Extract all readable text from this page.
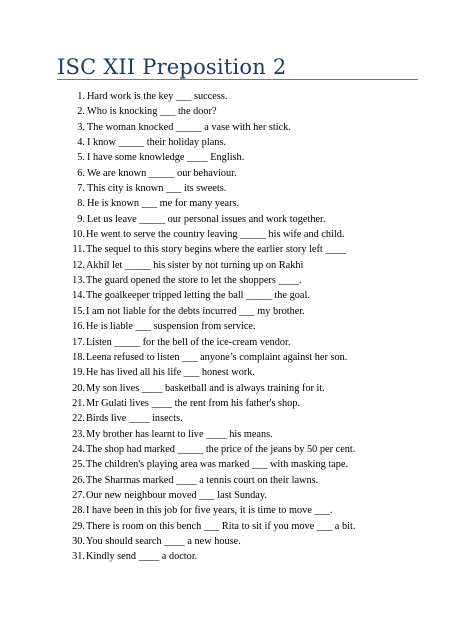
ISC XII Preposition 2
1. Hard work is the key ___ success.
2. Who is knocking ___ the door?
3. The woman knocked _____ a vase with her stick.
4. I know _____ their holiday plans.
5. I have some knowledge ____ English.
6. We are known _____ our behaviour.
7. This city is known ___ its sweets.
8. He is known ___ me for many years.
9. Let us leave _____ our personal issues and work together.
10. He went to serve the country leaving _____ his wife and child.
11. The sequel to this story begins where the earlier story left ____
12. Akhil let _____ his sister by not turning up on Rakhi
13. The guard opened the store to let the shoppers ____.
14. The goalkeeper tripped letting the ball _____ the goal.
15. I am not liable for the debts incurred ___ my brother.
16. He is liable ___ suspension from service.
17. Listen _____ for the bell of the ice-cream vendor.
18. Leena refused to listen ___ anyone’s complaint against her son.
19. He has lived all his life ___ honest work.
20. My son lives ____ basketball and is always training for it.
21. Mr Gulati lives ____ the rent from his father's shop.
22. Birds live ____ insects.
23. My brother has learnt to live ____ his means.
24. The shop had marked _____ the price of the jeans by 50 per cent.
25. The children's playing area was marked ___ with masking tape.
26. The Sharmas marked ____ a tennis court on their lawns.
27. Our new neighbour moved ___ last Sunday.
28. I have been in this job for five years, it is time to move ___.
29. There is room on this bench ___ Rita to sit if you move ___ a bit.
30. You should search ____ a new house.
31. Kindly send ____ a doctor.
